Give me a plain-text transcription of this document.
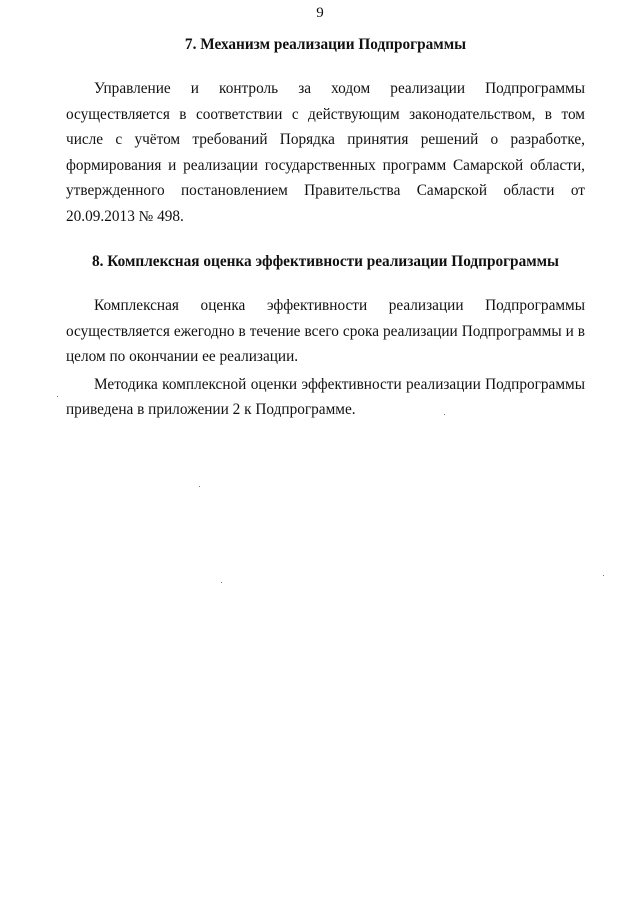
9
7. Механизм реализации Подпрограммы

Управление и контроль за ходом реализации Подпрограммы осуществляется в соответствии с действующим законодательством, в том числе с учётом требований Порядка принятия решений о разработке, формирования и реализации государственных программ Самарской области, утвержденного постановлением Правительства Самарской области от 20.09.2013 № 498.

8. Комплексная оценка эффективности реализации Подпрограммы

Комплексная оценка эффективности реализации Подпрограммы осуществляется ежегодно в течение всего срока реализации Подпрограммы и в целом по окончании ее реализации.

Методика комплексной оценки эффективности реализации Подпрограммы приведена в приложении 2 к Подпрограмме.
